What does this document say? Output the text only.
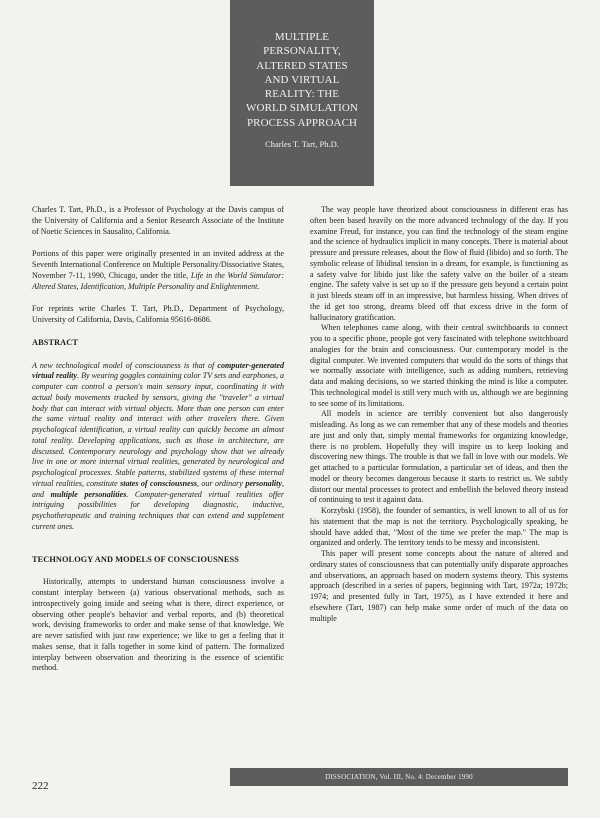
MULTIPLE
PERSONALITY,
ALTERED STATES
AND VIRTUAL
REALITY: THE
WORLD SIMULATION
PROCESS APPROACH
Charles T. Tart, Ph.D.

Charles T. Tart, Ph.D., is a Professor of Psychology at the Davis campus of the University of California and a Senior Research Associate of the Institute of Noetic Sciences in Sausalito, California.

Portions of this paper were originally presented in an invited address at the Seventh International Conference on Multiple Personality/Dissociative States, November 7-11, 1990, Chicago, under the title, Life in the World Simulator: Altered States, Identification, Multiple Personality and Enlightenment.

For reprints write Charles T. Tart, Ph.D., Department of Psychology, University of California, Davis, California 95616-8686.

ABSTRACT

A new technological model of consciousness is that of computer-generated virtual reality. By wearing goggles containing color TV sets and earphones, a computer can control a person's main sensory input, coordinating it with actual body movements tracked by sensors, giving the "traveler" a virtual body that can interact with virtual objects. More than one person can enter the same virtual reality and interact with other travelers there. Given psychological identification, a virtual reality can quickly become an almost total reality. Developing applications, such as those in architecture, are discussed. Contemporary neurology and psychology show that we already live in one or more internal virtual realities, generated by neurological and psychological processes. Stable patterns, stabilized systems of these internal virtual realities, constitute states of consciousness, our ordinary personality, and multiple personalities. Computer-generated virtual realities offer intriguing possibilities for developing diagnostic, inductive, psychotherapeutic and training techniques that can extend and supplement current ones.

TECHNOLOGY AND MODELS OF CONSCIOUSNESS

Historically, attempts to understand human consciousness involve a constant interplay between (a) various observational methods, such as introspectively going inside and seeing what is there, direct experience, or observing other people's behavior and verbal reports, and (b) theoretical work, devising frameworks to order and make sense of that knowledge. We are never satisfied with just raw experience; we like to get a feeling that it makes sense, that it falls together in some kind of pattern. The formalized interplay between observation and theorizing is the essence of scientific method.

The way people have theorized about consciousness in different eras has often been based heavily on the more advanced technology of the day. If you examine Freud, for instance, you can find the technology of the steam engine and the science of hydraulics implicit in many concepts. There is material about pressure and pressure releases, about the flow of fluid (libido) and so forth. The symbolic release of libidinal tension in a dream, for example, is functioning as a safety valve for libido just like the safety valve on the boiler of a steam engine. The safety valve is set up so if the pressure gets beyond a certain point it just bleeds steam off in an impressive, but harmless hissing. When drives of the id get too strong, dreams bleed off that excess drive in the form of hallucinatory gratification.

When telephones came along, with their central switchboards to connect you to a specific phone, people got very fascinated with telephone switchboard analogies for the brain and consciousness. Our contemporary model is the digital computer. We invented computers that would do the sorts of things that we normally associate with intelligence, such as adding numbers, retrieving data and making decisions, so we started thinking the mind is like a computer. This technological model is still very much with us, although we are beginning to see some of its limitations.

All models in science are terribly convenient but also dangerously misleading. As long as we can remember that any of these models and theories are just and only that, simply mental frameworks for organizing knowledge, there is no problem. Hopefully they will inspire us to keep looking and discovering new things. The trouble is that we fall in love with our models. We get attached to a particular formulation, a particular set of ideas, and then the model or theory becomes dangerous because it starts to restrict us. We subtly distort our mental processes to protect and embellish the beloved theory instead of continuing to test it against data.

Korzybski (1958), the founder of semantics, is well known to all of us for his statement that the map is not the territory. Psychologically speaking, he should have added that, "Most of the time we prefer the map." The map is organized and orderly. The territory tends to be messy and inconsistent.

This paper will present some concepts about the nature of altered and ordinary states of consciousness that can potentially unify disparate approaches and observations, an approach based on modern systems theory. This systems approach (described in a series of papers, beginning with Tart, 1972a; 1972b; 1974; and presented fully in Tart, 1975), as I have extended it here and elsewhere (Tart, 1987) can help make some order of much of the data on multiple

222
DISSOCIATION, Vol. III, No. 4: December 1990
